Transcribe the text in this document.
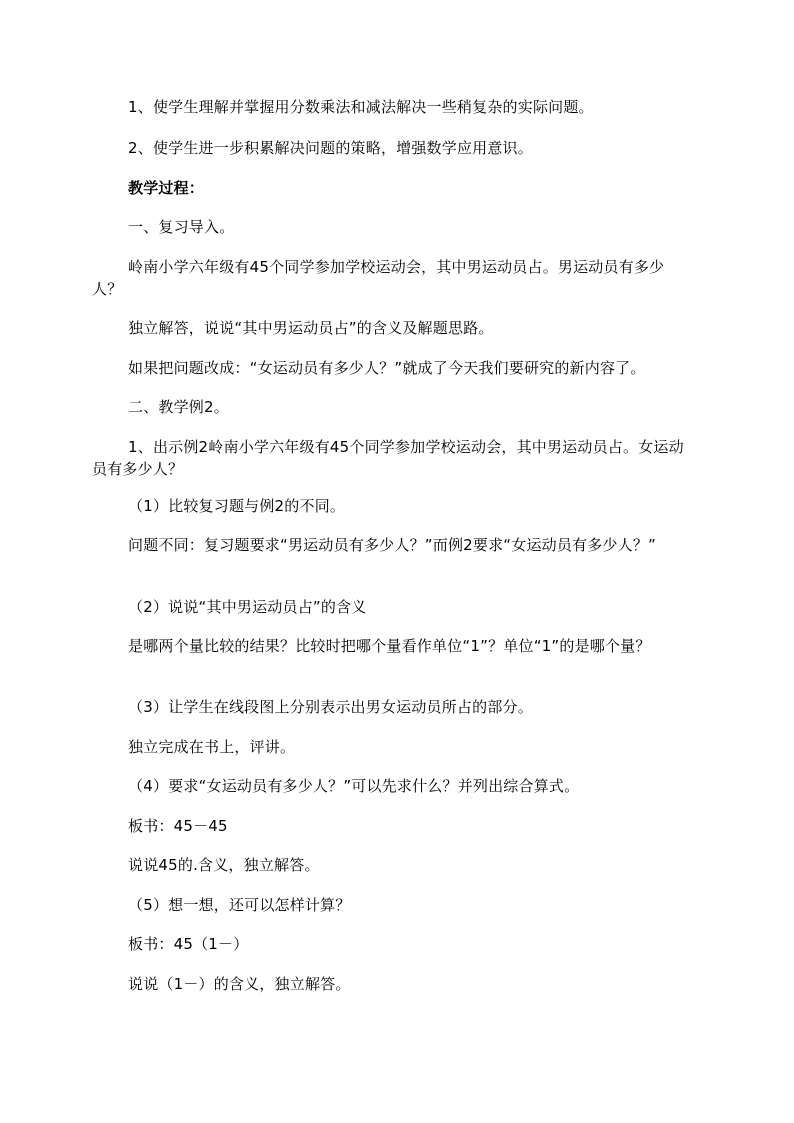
1、使学生理解并掌握用分数乘法和减法解决一些稍复杂的实际问题。

2、使学生进一步积累解决问题的策略，增强数学应用意识。

教学过程：

一、复习导入。

岭南小学六年级有45个同学参加学校运动会，其中男运动员占。男运动员有多少人？

独立解答，说说“其中男运动员占”的含义及解题思路。

如果把问题改成：“女运动员有多少人？”就成了今天我们要研究的新内容了。

二、教学例2。

1、出示例2岭南小学六年级有45个同学参加学校运动会，其中男运动员占。女运动员有多少人？

（1）比较复习题与例2的不同。

问题不同：复习题要求“男运动员有多少人？”而例2要求“女运动员有多少人？”

（2）说说“其中男运动员占”的含义

是哪两个量比较的结果？比较时把哪个量看作单位“1”？单位“1”的是哪个量？

（3）让学生在线段图上分别表示出男女运动员所占的部分。

独立完成在书上，评讲。

（4）要求“女运动员有多少人？”可以先求什么？并列出综合算式。

板书：45－45

说说45的.含义，独立解答。

（5）想一想，还可以怎样计算？

板书：45（1－）

说说（1－）的含义，独立解答。
